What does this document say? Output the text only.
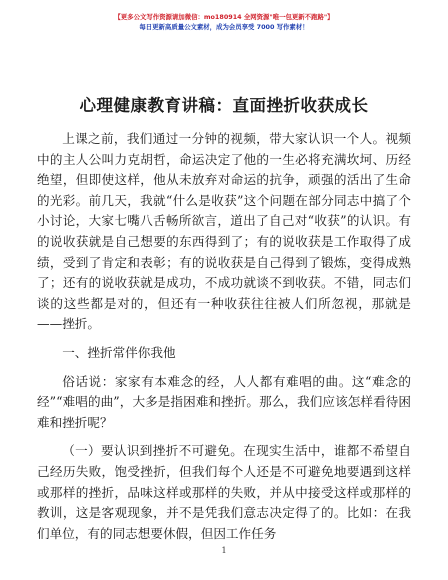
【更多公文写作资源请加微信：mo180914 全网资源"唯一包更新不跑路"】
每日更新高质量公文素材，成为会员享受 7000 写作素材！
心理健康教育讲稿：直面挫折收获成长

上课之前，我们通过一分钟的视频，带大家认识一个人。视频中的主人公叫力克胡哲，命运决定了他的一生必将充满坎坷、历经绝望，但即使这样，他从未放弃对命运的抗争，顽强的活出了生命的光彩。前几天，我就“什么是收获”这个问题在部分同志中搞了个小讨论，大家七嘴八舌畅所欲言，道出了自己对“收获”的认识。有的说收获就是自己想要的东西得到了；有的说收获是工作取得了成绩，受到了肯定和表彰；有的说收获是自己得到了锻炼，变得成熟了；还有的说收获就是成功，不成功就谈不到收获。不错，同志们谈的这些都是对的，但还有一种收获往往被人们所忽视，那就是——挫折。

一、挫折常伴你我他

俗话说：家家有本难念的经，人人都有难唱的曲。这“难念的经”“难唱的曲”，大多是指困难和挫折。那么，我们应该怎样看待困难和挫折呢？

（一）要认识到挫折不可避免。在现实生活中，谁都不希望自己经历失败，饱受挫折，但我们每个人还是不可避免地要遇到这样或那样的挫折，品味这样或那样的失败，并从中接受这样或那样的教训，这是客观现象，并不是凭我们意志决定得了的。比如：在我们单位，有的同志想要休假，但因工作任务

1
